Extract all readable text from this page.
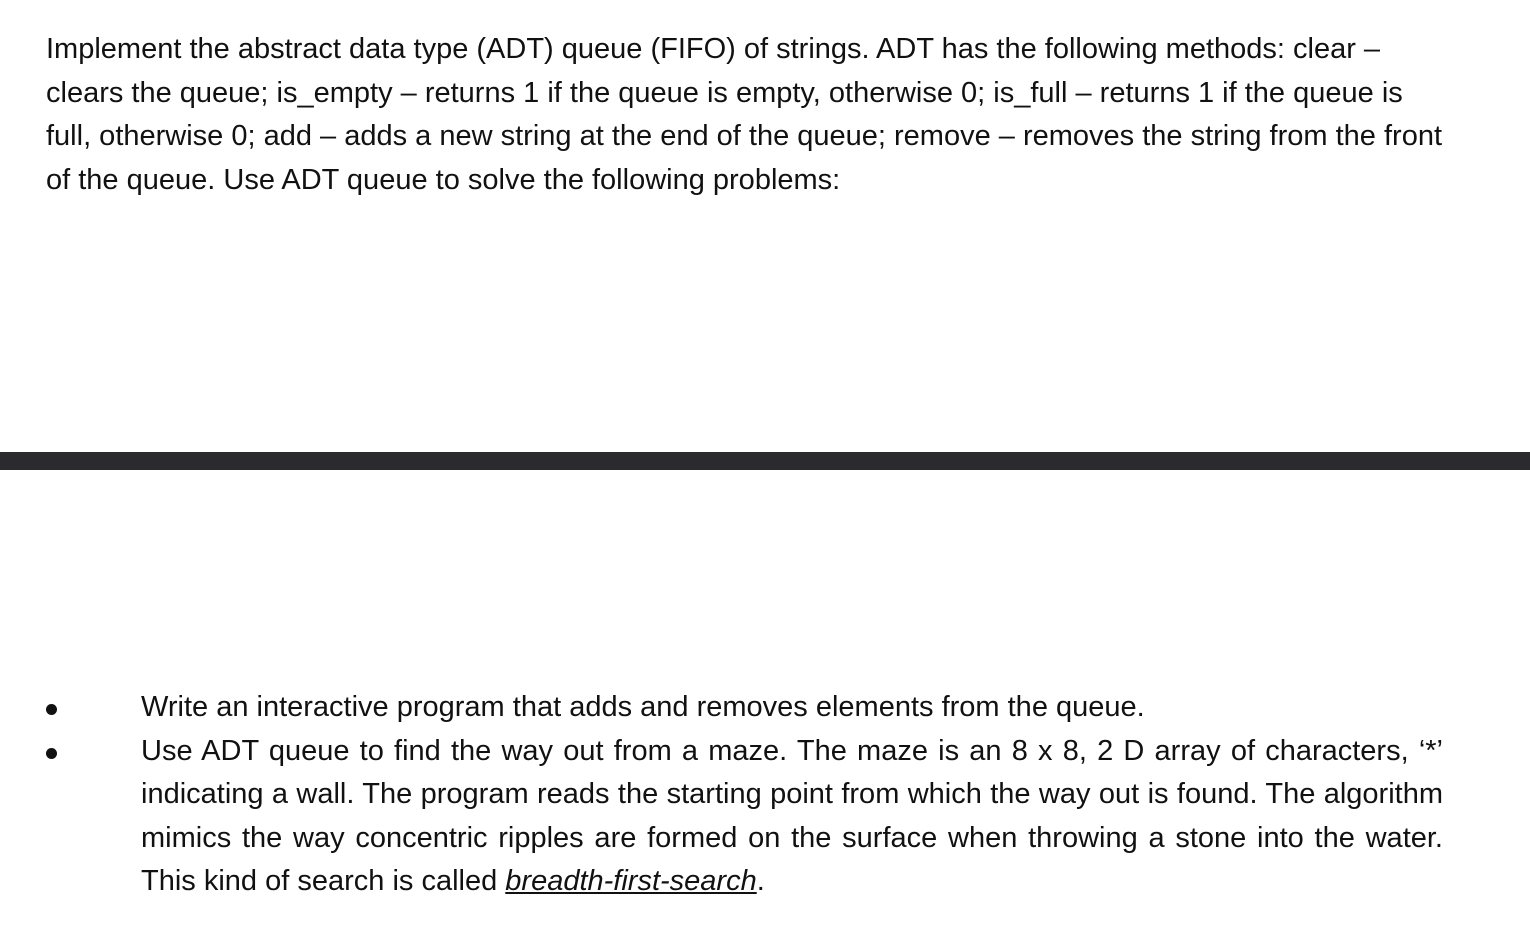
Implement the abstract data type (ADT) queue (FIFO) of strings. ADT has the following methods: clear – clears the queue; is_empty – returns 1 if the queue is empty, otherwise 0; is_full – returns 1 if the queue is full, otherwise 0; add – adds a new string at the end of the queue; remove – removes the string from the front of the queue. Use ADT queue to solve the following problems:

Write an interactive program that adds and removes elements from the queue.

Use ADT queue to find the way out from a maze. The maze is an 8 x 8, 2 D array of characters, ‘*’ indicating a wall. The program reads the starting point from which the way out is found. The algorithm mimics the way concentric ripples are formed on the surface when throwing a stone into the water. This kind of search is called breadth-first-search.
